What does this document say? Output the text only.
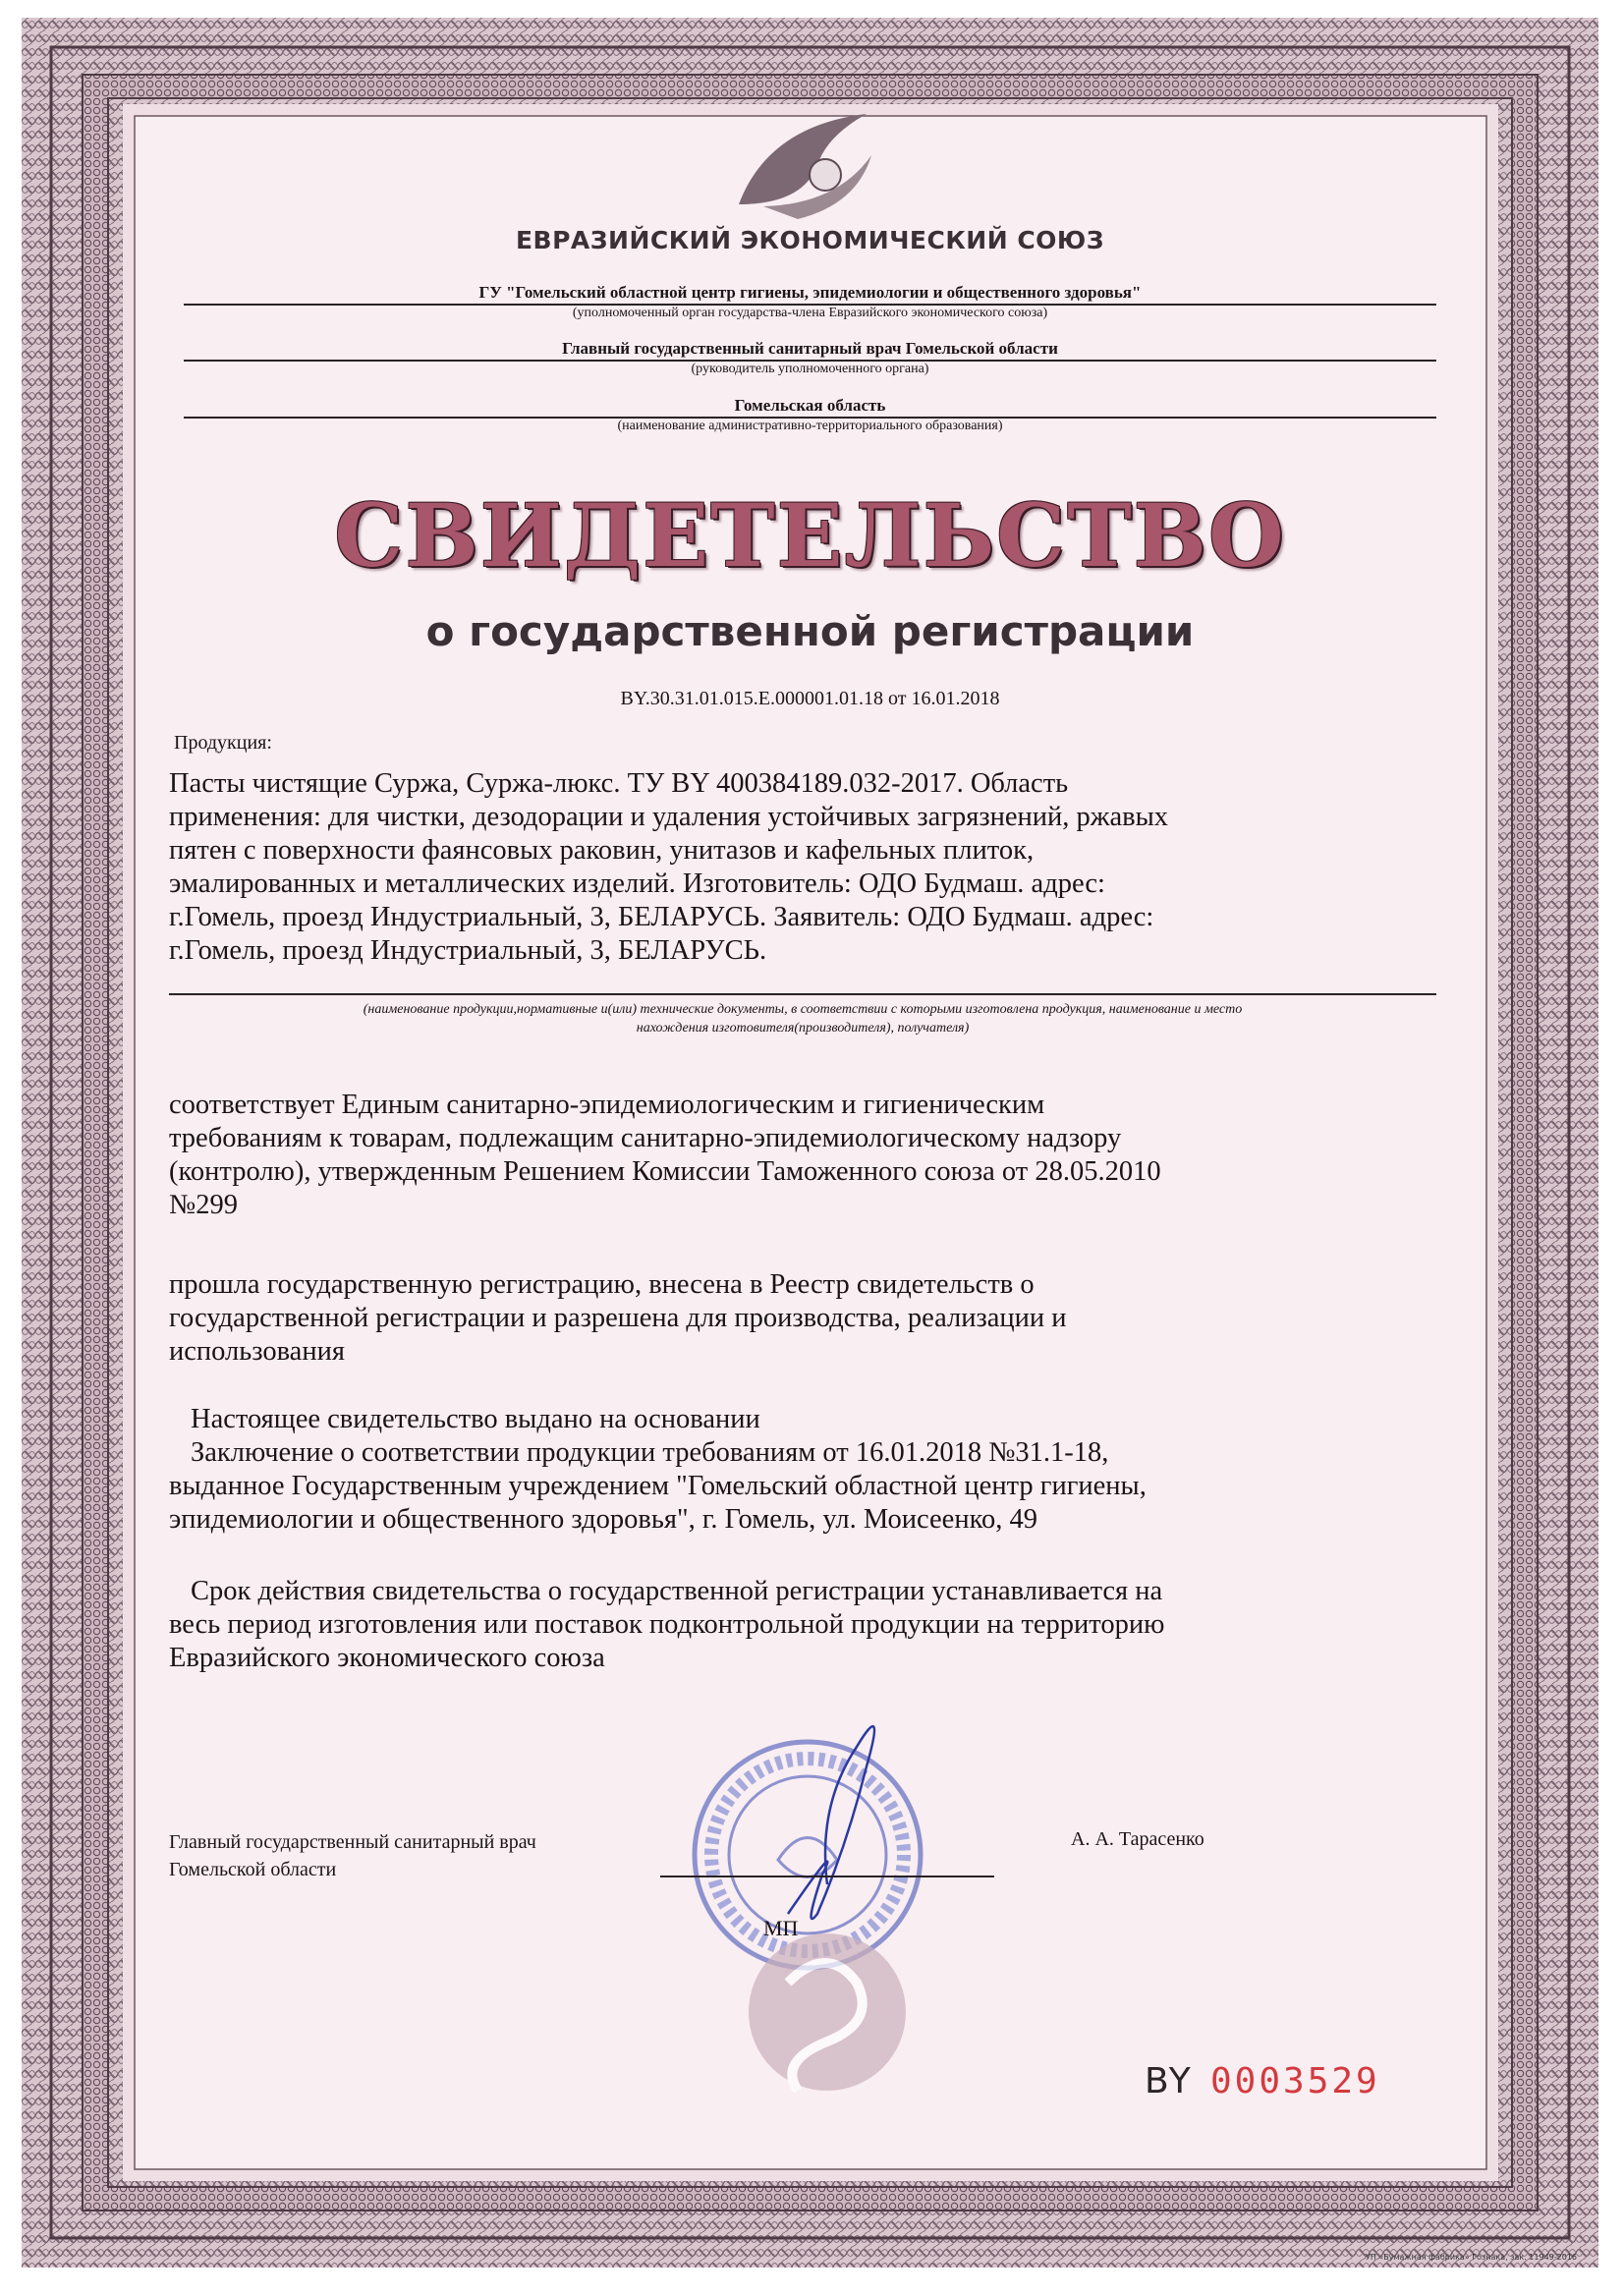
ЕВРАЗИЙСКИЙ ЭКОНОМИЧЕСКИЙ СОЮЗ
ГУ "Гомельский областной центр гигиены, эпидемиологии и общественного здоровья"
(уполномоченный орган государства-члена Евразийского экономического союза)
Главный государственный санитарный врач Гомельской области
(руководитель уполномоченного органа)
Гомельская область
(наименование административно-территориального образования)
СВИДЕТЕЛЬСТВО
о государственной регистрации
BY.30.31.01.015.E.000001.01.18 от 16.01.2018
Продукция:
Пасты чистящие Суржа, Суржа-люкс. ТУ BY 400384189.032-2017. Область
применения: для чистки, дезодорации и удаления устойчивых загрязнений, ржавых
пятен с поверхности фаянсовых раковин, унитазов и кафельных плиток,
эмалированных и металлических изделий. Изготовитель: ОДО Будмаш. адрес:
г.Гомель, проезд Индустриальный, 3, БЕЛАРУСЬ. Заявитель: ОДО Будмаш. адрес:
г.Гомель, проезд Индустриальный, 3, БЕЛАРУСЬ.
(наименование продукции,нормативные и(или) технические документы, в соответствии с которыми изготовлена продукция, наименование и место
нахождения изготовителя(производителя), получателя)
соответствует Единым санитарно-эпидемиологическим и гигиеническим
требованиям к товарам, подлежащим санитарно-эпидемиологическому надзору
(контролю), утвержденным Решением Комиссии Таможенного союза от 28.05.2010
№299
прошла государственную регистрацию, внесена в Реестр свидетельств о
государственной регистрации и разрешена для производства, реализации и
использования
Настоящее свидетельство выдано на основании
Заключение о соответствии продукции требованиям от 16.01.2018 №31.1-18,
выданное Государственным учреждением "Гомельский областной центр гигиены,
эпидемиологии и общественного здоровья", г. Гомель, ул. Моисеенко, 49
Срок действия свидетельства о государственной регистрации устанавливается на
весь период изготовления или поставок подконтрольной продукции на территорию
Евразийского экономического союза
Главный государственный санитарный врач
Гомельской области
А. А. Тарасенко
МП
BY 0003529
УП «Бумажная фабрика» Гознака, зак. 11949-2016
